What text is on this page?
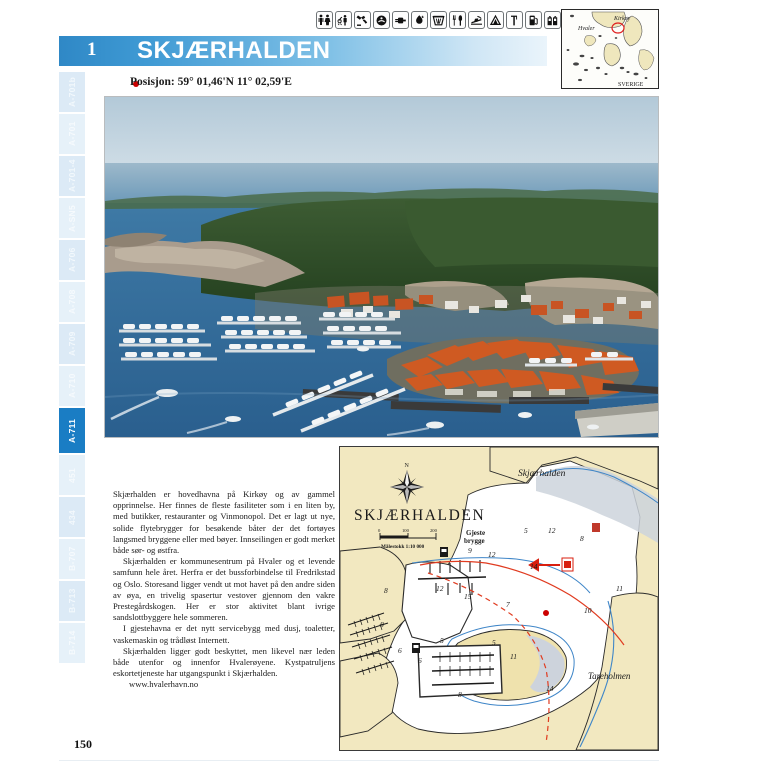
Kirkøy
Hvaler
SVERIGE
1 SKJÆRHALDEN
Posisjon: 59° 01,46'N 11° 02,59'E
A-701b
A-701
A-701-4
A-SN5
A-706
A-708
A-709
A-710
A-711
451
434
B-707
B-713
B-714

Skjærhalden er hovedhavna på Kirkøy og av gammel opprinnelse. Her finnes de fleste fasiliteter som i en liten by, med butikker, restauranter og Vinmonopol. Det er lagt ut nye, solide flytebrygger for besøkende båter der det fortøyes langsmed bryggene eller med bøyer. Innseilingen er godt merket både sør- og østfra.

Skjærhalden er kommunesentrum på Hvaler og et levende samfunn hele året. Herfra er det bussforbindelse til Fredrikstad og Oslo. Storesand ligger vendt ut mot havet på den andre siden av øya, en trivelig spasertur vestover gjennom den vakre Prestegårdskogen. Her er stor aktivitet blant ivrige sandslottbyggere hele sommeren.

I gjestehavna er det nytt servicebygg med dusj, toaletter, vaskemaskin og trådløst Internett.

Skjærhalden ligger godt beskyttet, men likevel nær leden både utenfor og innenfor Hvalerøyene. Kystpatruljens eskortetjeneste har utgangspunkt i Skjærhalden.

www.hvalerhavn.no

N
SKJÆRHALDEN
0	100	200
Målestokk 1:10 000
Skjærhalden
Gjeste
brygge
Tareholmen
12
12
14
11
15
7
10
8
8
9
5
11
14
8
6
5
6
5	12
8
150
